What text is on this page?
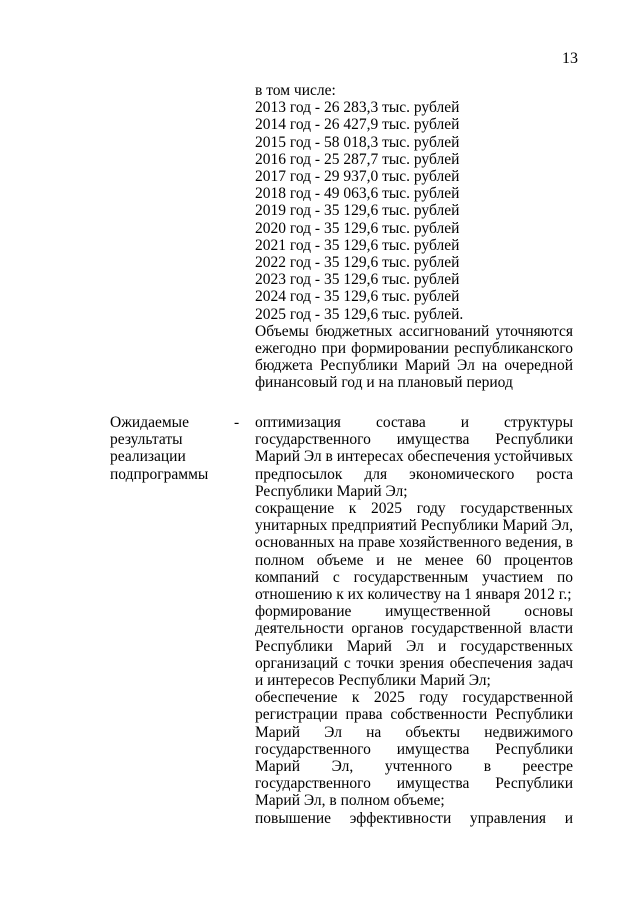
13
в том числе:
2013 год - 26 283,3 тыс. рублей
2014 год - 26 427,9 тыс. рублей
2015 год - 58 018,3 тыс. рублей
2016 год - 25 287,7 тыс. рублей
2017 год - 29 937,0 тыс. рублей
2018 год - 49 063,6 тыс. рублей
2019 год - 35 129,6 тыс. рублей
2020 год - 35 129,6 тыс. рублей
2021 год - 35 129,6 тыс. рублей
2022 год - 35 129,6 тыс. рублей
2023 год - 35 129,6 тыс. рублей
2024 год - 35 129,6 тыс. рублей
2025 год - 35 129,6 тыс. рублей.
Объемы бюджетных ассигнований уточняются ежегодно при формировании республиканского бюджета Республики Марий Эл на очередной финансовый год и на плановый период
Ожидаемые результаты реализации подпрограммы
- оптимизация состава и структуры государственного имущества Республики Марий Эл в интересах обеспечения устойчивых предпосылок для экономического роста Республики Марий Эл;
сокращение к 2025 году государственных унитарных предприятий Республики Марий Эл, основанных на праве хозяйственного ведения, в полном объеме и не менее 60 процентов компаний с государственным участием по отношению к их количеству на 1 января 2012 г.;
формирование имущественной основы деятельности органов государственной власти Республики Марий Эл и государственных организаций с точки зрения обеспечения задач и интересов Республики Марий Эл;
обеспечение к 2025 году государственной регистрации права собственности Республики Марий Эл на объекты недвижимого государственного имущества Республики Марий Эл, учтенного в реестре государственного имущества Республики Марий Эл, в полном объеме;
повышение эффективности управления и
